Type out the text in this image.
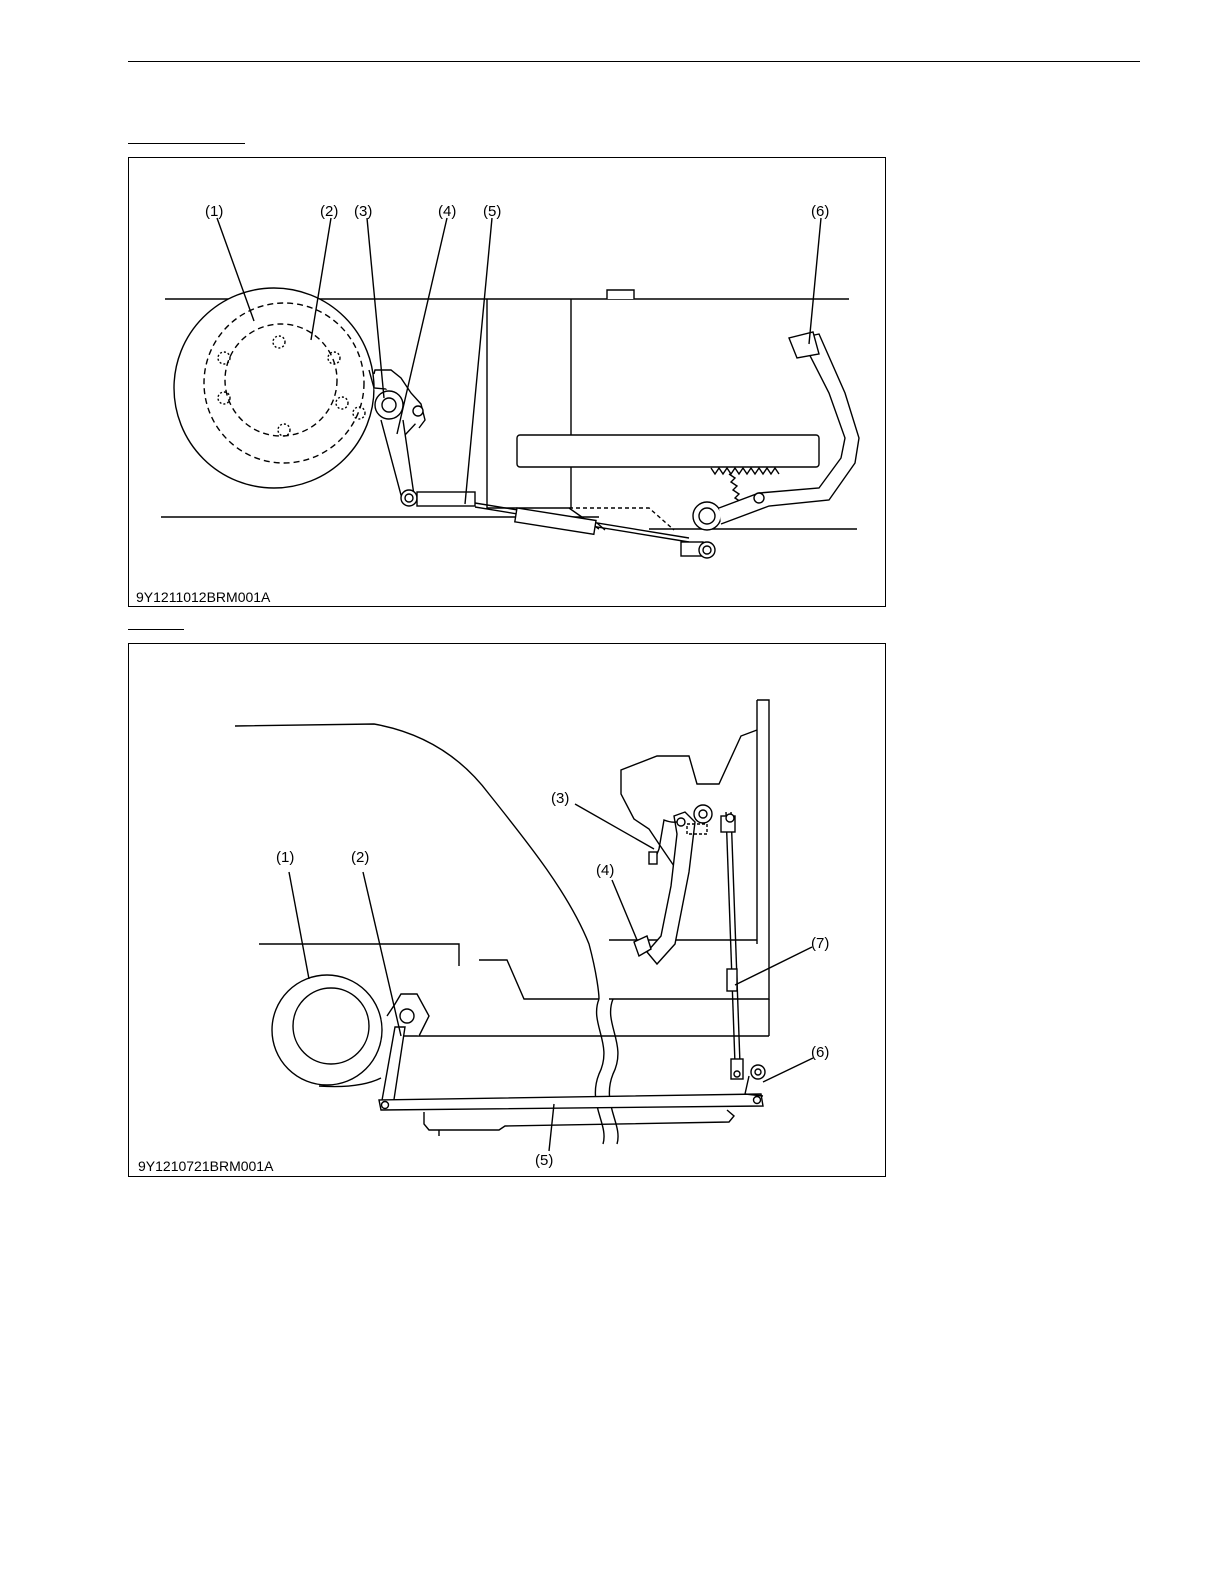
(1)	(2) (3)	(4) (5)	(6)
9Y1211012BRM001A
(1)	(2)
(3)
(4)
(5)
(6)
(7)
9Y1210721BRM001A
